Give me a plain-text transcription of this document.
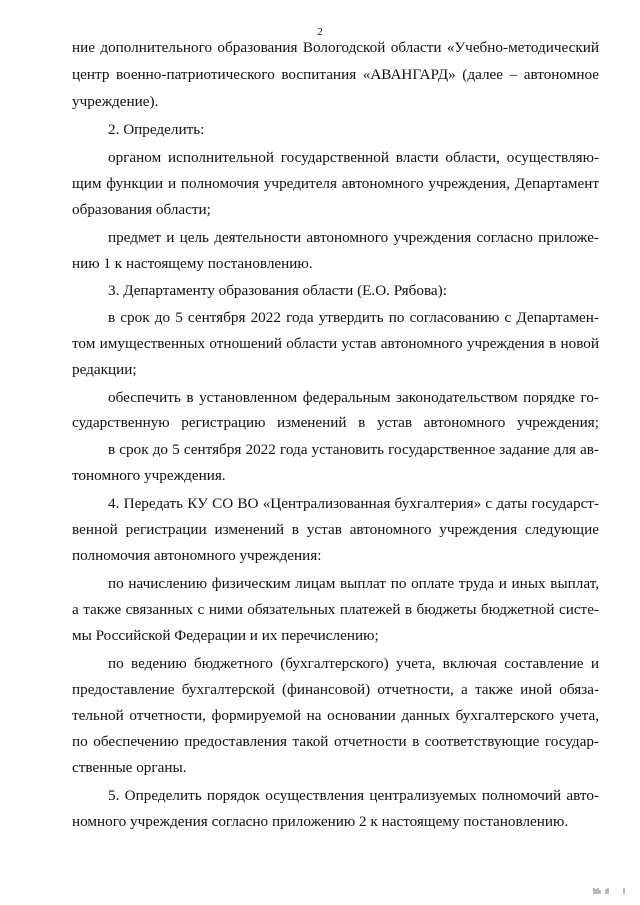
2
ние дополнительного образования Вологодской области «Учебно-методический
центр военно-патриотического воспитания «АВАНГАРД» (далее – автономное
учреждение).
2. Определить:
органом исполнительной государственной власти области, осуществляю-
щим функции и полномочия учредителя автономного учреждения, Департамент
образования области;
предмет и цель деятельности автономного учреждения согласно приложе-
нию 1 к настоящему постановлению.
3. Департаменту образования области (Е.О. Рябова):
в срок до 5 сентября 2022 года утвердить по согласованию с Департамен-
том имущественных отношений области устав автономного учреждения в новой
редакции;
обеспечить в установленном федеральным законодательством порядке го-
сударственную регистрацию изменений в устав автономного учреждения;
в срок до 5 сентября 2022 года установить государственное задание для ав-
тономного учреждения.
4. Передать КУ СО ВО «Централизованная бухгалтерия» с даты государст-
венной регистрации изменений в устав автономного учреждения следующие
полномочия автономного учреждения:
по начислению физическим лицам выплат по оплате труда и иных выплат,
а также связанных с ними обязательных платежей в бюджеты бюджетной систе-
мы Российской Федерации и их перечислению;
по ведению бюджетного (бухгалтерского) учета, включая составление и
предоставление бухгалтерской (финансовой) отчетности, а также иной обяза-
тельной отчетности, формируемой на основании данных бухгалтерского учета,
по обеспечению предоставления такой отчетности в соответствующие государ-
ственные органы.
5. Определить порядок осуществления централизуемых полномочий авто-
номного учреждения согласно приложению 2 к настоящему постановлению.
